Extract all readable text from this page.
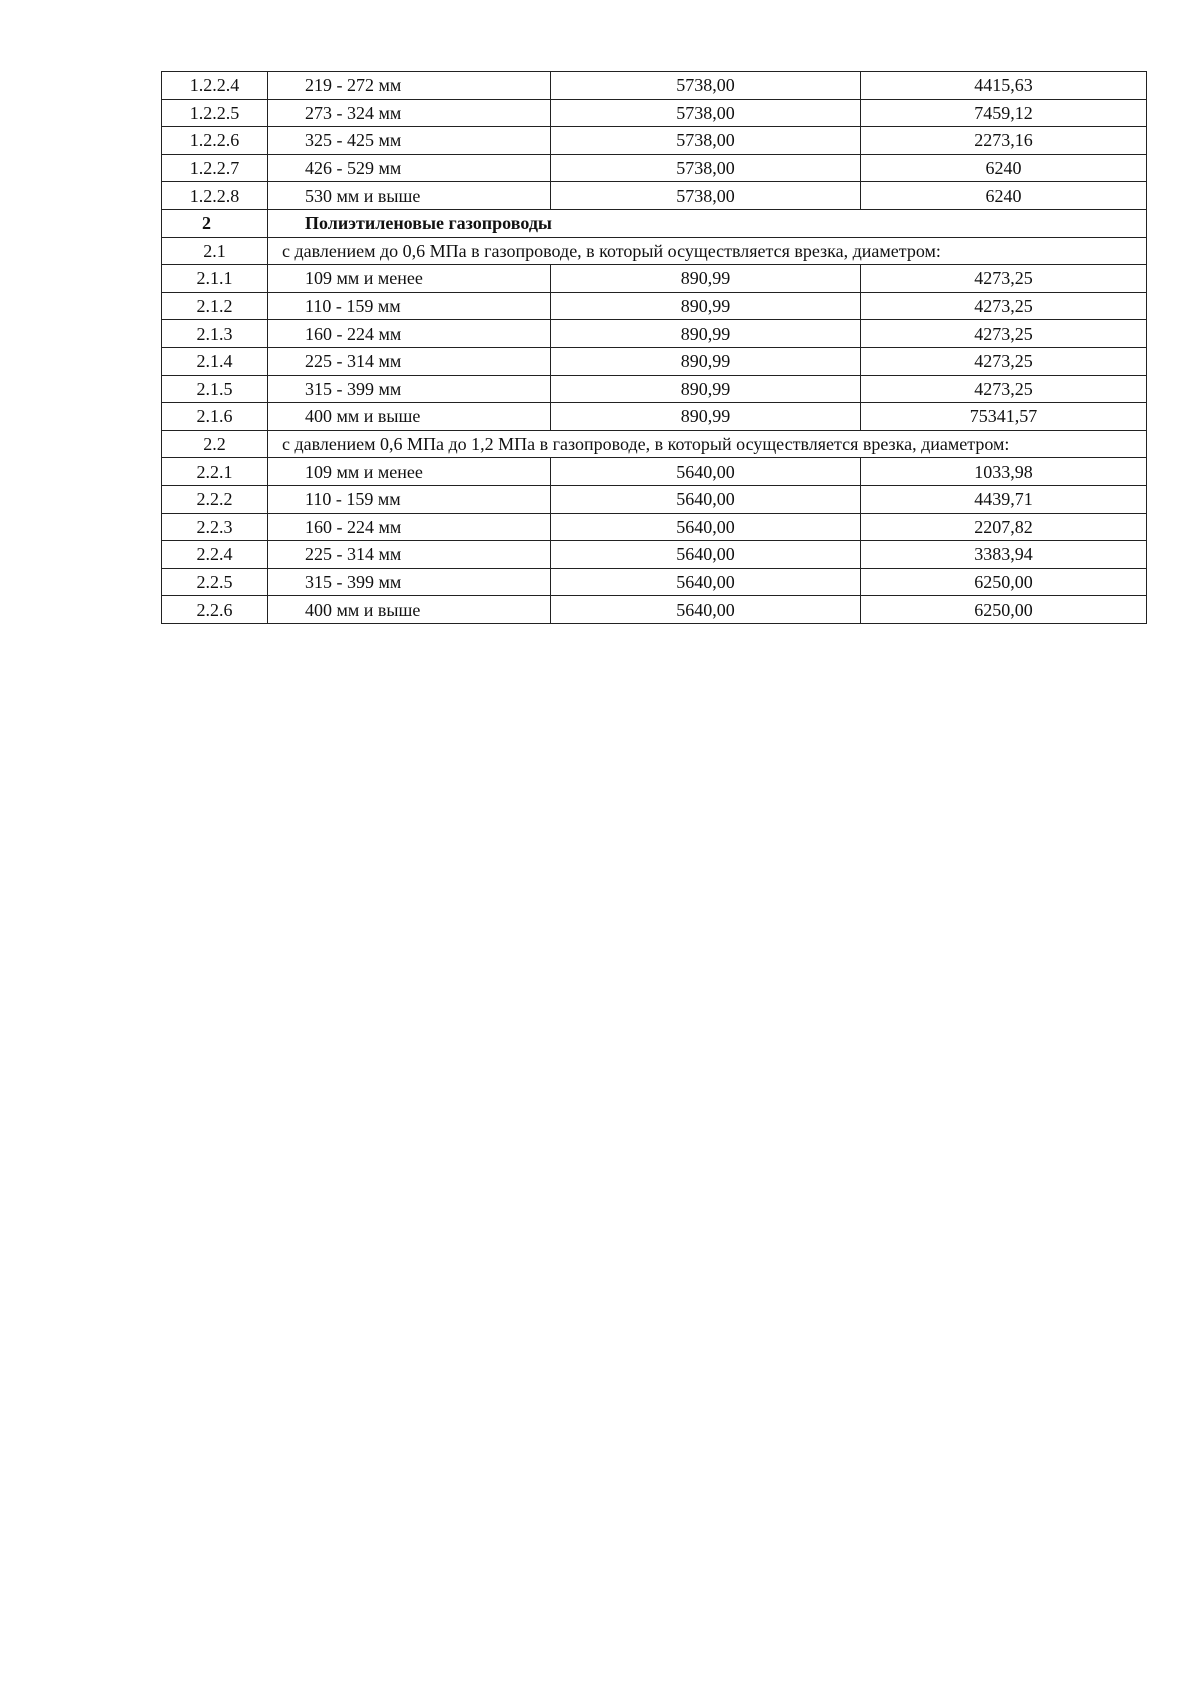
1.2.2.4	219 - 272 мм	5738,00	4415,63
1.2.2.5	273 - 324 мм	5738,00	7459,12
1.2.2.6	325 - 425 мм	5738,00	2273,16
1.2.2.7	426 - 529 мм	5738,00	6240
1.2.2.8	530 мм и выше	5738,00	6240
2	Полиэтиленовые газопроводы		
2.1	с давлением до 0,6 МПа в газопроводе, в который осуществляется врезка, диаметром:		
2.1.1	109 мм и менее	890,99	4273,25
2.1.2	110 - 159 мм	890,99	4273,25
2.1.3	160 - 224 мм	890,99	4273,25
2.1.4	225 - 314 мм	890,99	4273,25
2.1.5	315 - 399 мм	890,99	4273,25
2.1.6	400 мм и выше	890,99	75341,57
2.2	с давлением 0,6 МПа до 1,2 МПа в газопроводе, в который осуществляется врезка, диаметром:		
2.2.1	109 мм и менее	5640,00	1033,98
2.2.2	110 - 159 мм	5640,00	4439,71
2.2.3	160 - 224 мм	5640,00	2207,82
2.2.4	225 - 314 мм	5640,00	3383,94
2.2.5	315 - 399 мм	5640,00	6250,00
2.2.6	400 мм и выше	5640,00	6250,00
